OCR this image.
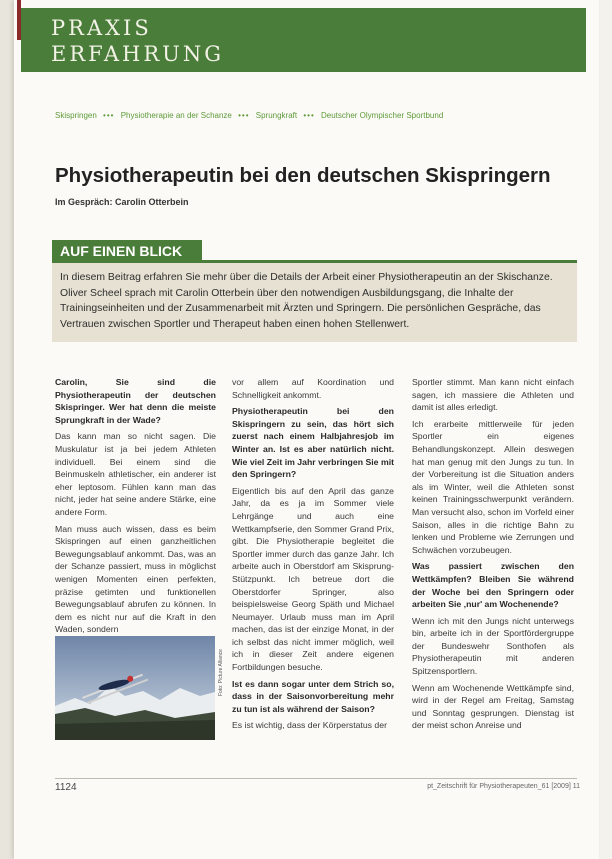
PRAXIS
ERFAHRUNG
Skispringen ••• Physiotherapie an der Schanze ••• Sprungkraft ••• Deutscher Olympischer Sportbund
Physiotherapeutin bei den deutschen Skispringern
Im Gespräch: Carolin Otterbein
AUF EINEN BLICK
In diesem Beitrag erfahren Sie mehr über die Details der Arbeit einer Physiotherapeutin an der Skischanze. Oliver Scheel sprach mit Carolin Otterbein über den notwendigen Ausbildungsgang, die Inhalte der Trainingseinheiten und der Zusammenarbeit mit Ärzten und Springern. Die persönlichen Gespräche, das Vertrauen zwischen Sportler und Therapeut haben einen hohen Stellenwert.

Carolin, Sie sind die Physiotherapeutin der deutschen Skispringer. Wer hat denn die meiste Sprungkraft in der Wade?

Das kann man so nicht sagen. Die Muskulatur ist ja bei jedem Athleten individuell. Bei einem sind die Beinmuskeln athletischer, ein anderer ist eher leptosom. Fühlen kann man das nicht, jeder hat seine andere Stärke, eine andere Form.

Man muss auch wissen, dass es beim Skispringen auf einen ganzheitlichen Bewegungsablauf ankommt. Das, was an der Schanze passiert, muss in möglichst wenigen Momenten einen perfekten, präzise getimten und funktionellen Bewegungsablauf abrufen zu können. In dem es nicht nur auf die Kraft in den Waden, sondern

Foto: Picture Alliance

vor allem auf Koordination und Schnelligkeit ankommt.

Physiotherapeutin bei den Skispringern zu sein, das hört sich zuerst nach einem Halbjahresjob im Winter an. Ist es aber natürlich nicht. Wie viel Zeit im Jahr verbringen Sie mit den Springern?

Eigentlich bis auf den April das ganze Jahr, da es ja im Sommer viele Lehrgänge und auch eine Wettkampfserie, den Sommer Grand Prix, gibt. Die Physiotherapie begleitet die Sportler immer durch das ganze Jahr. Ich arbeite auch in Oberstdorf am Skisprung-Stützpunkt. Ich betreue dort die Oberstdorfer Springer, also beispielsweise Georg Späth und Michael Neumayer. Urlaub muss man im April machen, das ist der einzige Monat, in der ich selbst das nicht immer möglich, weil ich in dieser Zeit andere eigenen Fortbildungen besuche.

Ist es dann sogar unter dem Strich so, dass in der Saisonvorbereitung mehr zu tun ist als während der Saison?

Es ist wichtig, dass der Körperstatus der

Sportler stimmt. Man kann nicht einfach sagen, ich massiere die Athleten und damit ist alles erledigt.

Ich erarbeite mittlerweile für jeden Sportler ein eigenes Behandlungskonzept. Allein deswegen hat man genug mit den Jungs zu tun. In der Vorbereitung ist die Situation anders als im Winter, weil die Athleten sonst keinen Trainingsschwerpunkt verändern. Man versucht also, schon im Vorfeld einer Saison, alles in die richtige Bahn zu lenken und Probleme wie Zerrungen und Schwächen vorzubeugen.

Was passiert zwischen den Wettkämpfen? Bleiben Sie während der Woche bei den Springern oder arbeiten Sie ‚nur' am Wochenende?

Wenn ich mit den Jungs nicht unterwegs bin, arbeite ich in der Sportfördergruppe der Bundeswehr Sonthofen als Physiotherapeutin mit anderen Spitzensportlern.

Wenn am Wochenende Wettkämpfe sind, wird in der Regel am Freitag, Samstag und Sonntag gesprungen. Dienstag ist der meist schon Anreise und

1124	pt_Zeitschrift für Physiotherapeuten_61 [2009] 11
